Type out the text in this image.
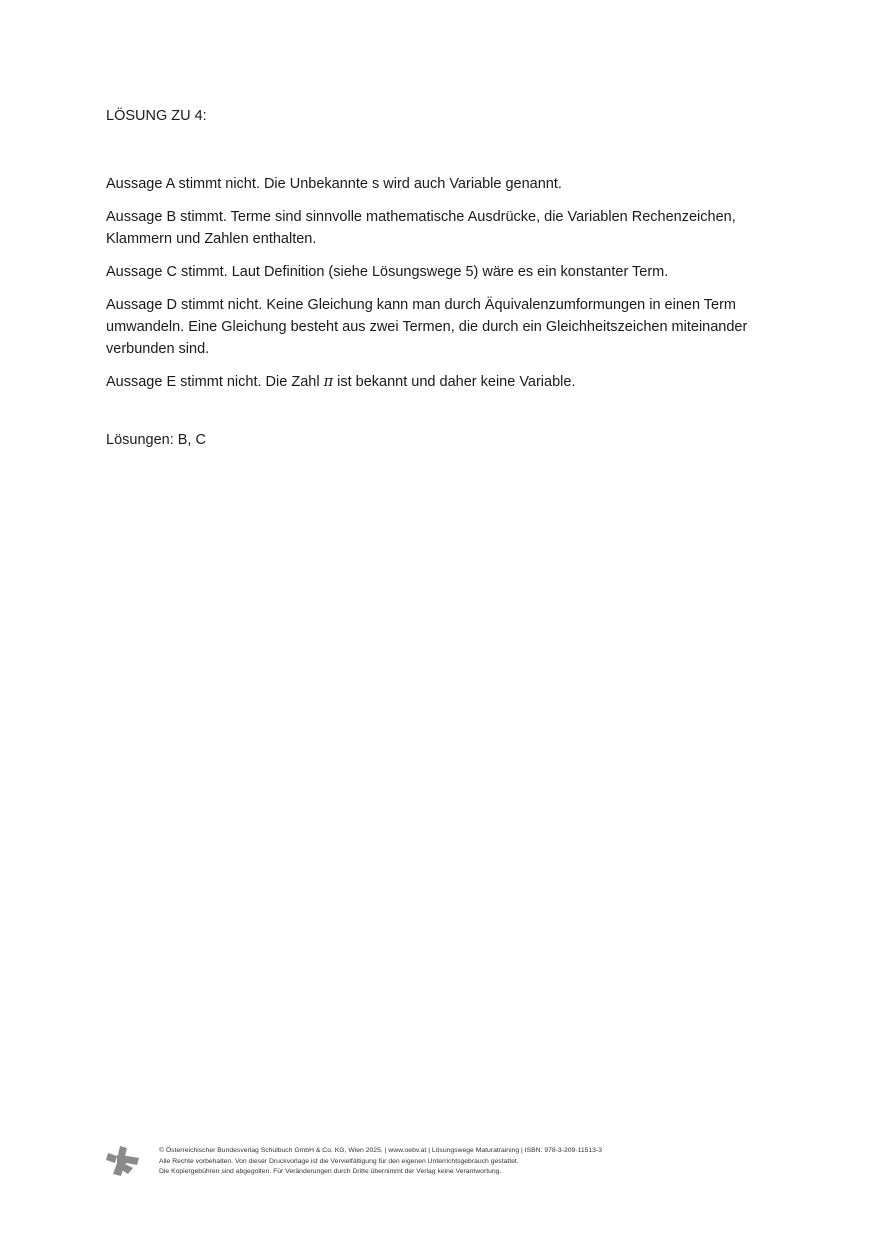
LÖSUNG ZU 4:

Aussage A stimmt nicht. Die Unbekannte s wird auch Variable genannt.

Aussage B stimmt. Terme sind sinnvolle mathematische Ausdrücke, die Variablen Rechenzeichen, Klammern und Zahlen enthalten.

Aussage C stimmt. Laut Definition (siehe Lösungswege 5) wäre es ein konstanter Term.

Aussage D stimmt nicht. Keine Gleichung kann man durch Äquivalenzumformungen in einen Term umwandeln. Eine Gleichung besteht aus zwei Termen, die durch ein Gleichheitszeichen miteinander verbunden sind.

Aussage E stimmt nicht. Die Zahl π ist bekannt und daher keine Variable.

Lösungen: B, C

© Österreichischer Bundesverlag Schulbuch GmbH & Co. KG, Wien 2025. | www.oebv.at | Lösungswege Maturatraining | ISBN: 978-3-209-11513-3
Alle Rechte vorbehalten. Von dieser Druckvorlage ist die Vervielfältigung für den eigenen Unterrichtsgebrauch gestattet.
Die Kopiergebühren sind abgegolten. Für Veränderungen durch Dritte übernimmt der Verlag keine Verantwortung.
